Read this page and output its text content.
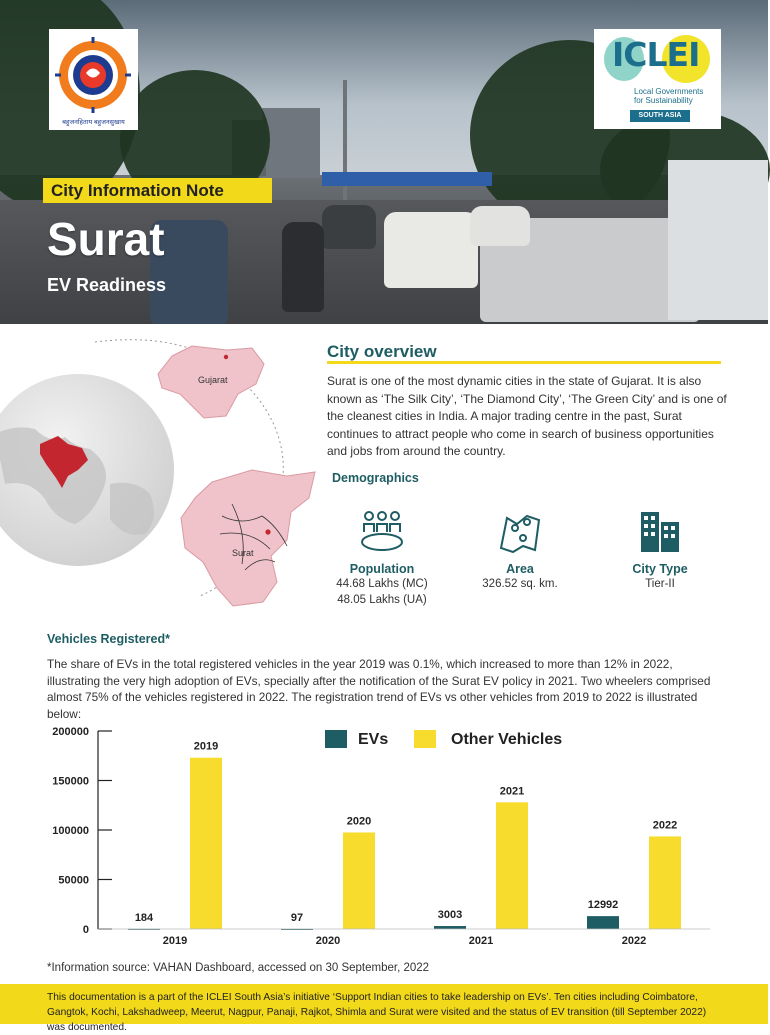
बहुजनहिताय बहुजनसुखाय
ICLEI
Local Governments
for Sustainability
SOUTH ASIA
City Information Note
Surat
EV Readiness
Gujarat
Surat
City overview
Surat is one of the most dynamic cities in the state of Gujarat. It is also known as ‘The Silk City’, ‘The Diamond City’, ‘The Green City’ and is one of the cleanest cities in India. A major trading centre in the past, Surat continues to attract people who come in search of business opportunities and jobs from around the country.
Demographics
Population
44.68 Lakhs (MC)
48.05 Lakhs (UA)
Area
326.52 sq. km.
City Type
Tier-II
Vehicles Registered*
The share of EVs in the total registered vehicles in the year 2019 was 0.1%, which increased to more than 12% in 2022, illustrating the very high adoption of EVs, specially after the notification of the Surat EV policy in 2021. Two wheelers comprised almost 75% of the vehicles registered in 2022. The registration trend of EVs vs other vehicles from 2019 to 2022 is illustrated below:
0
50000
100000
150000
200000	EVs	Other Vehicles
184
2019
2019
97
2020
2020
3003
2021
2021
12992
2022
2022
*Information source: VAHAN Dashboard, accessed on 30 September, 2022
This documentation is a part of the ICLEI South Asia’s initiative ‘Support Indian cities to take leadership on EVs’. Ten cities including Coimbatore, Gangtok, Kochi, Lakshadweep, Meerut, Nagpur, Panaji, Rajkot, Shimla and Surat were visited and the status of EV transition (till September 2022) was documented.
